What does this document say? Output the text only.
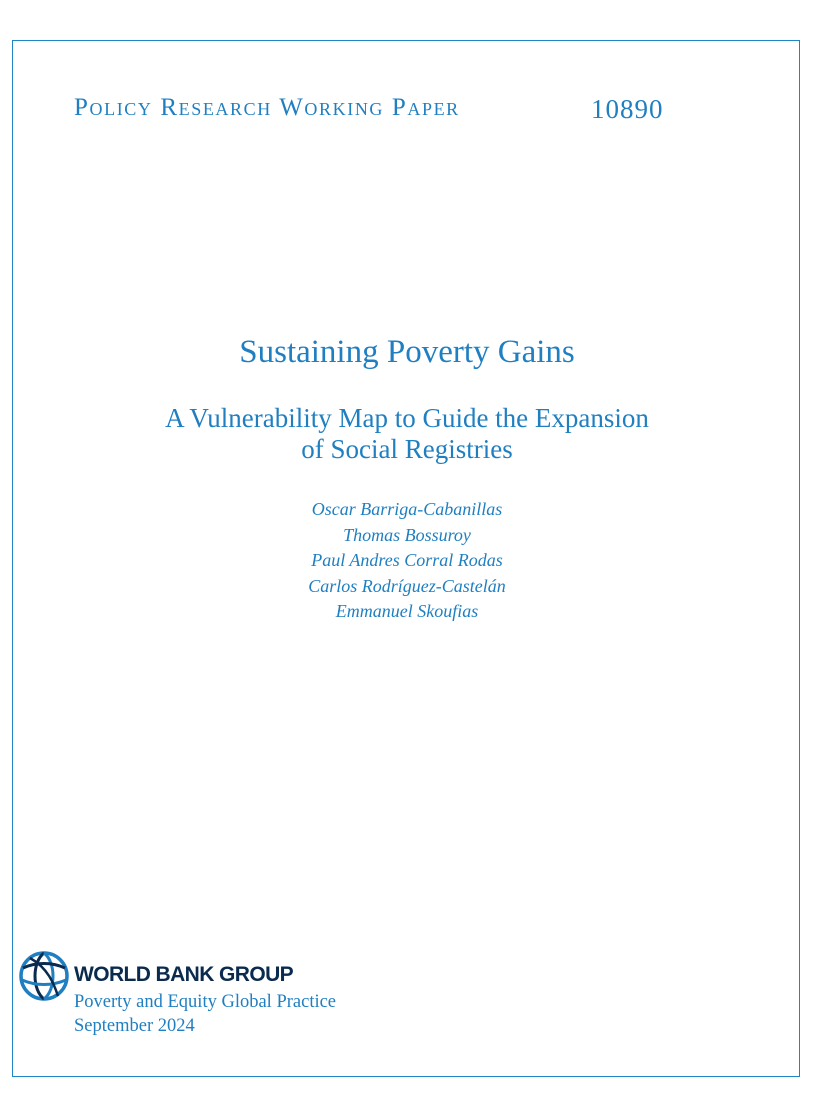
Policy Research Working Paper	10890
Sustaining Poverty Gains
A Vulnerability Map to Guide the Expansion
of Social Registries
Oscar Barriga-Cabanillas
Thomas Bossuroy
Paul Andres Corral Rodas
Carlos Rodríguez-Castelán
Emmanuel Skoufias
WORLD BANK GROUP
Poverty and Equity Global Practice
September 2024
